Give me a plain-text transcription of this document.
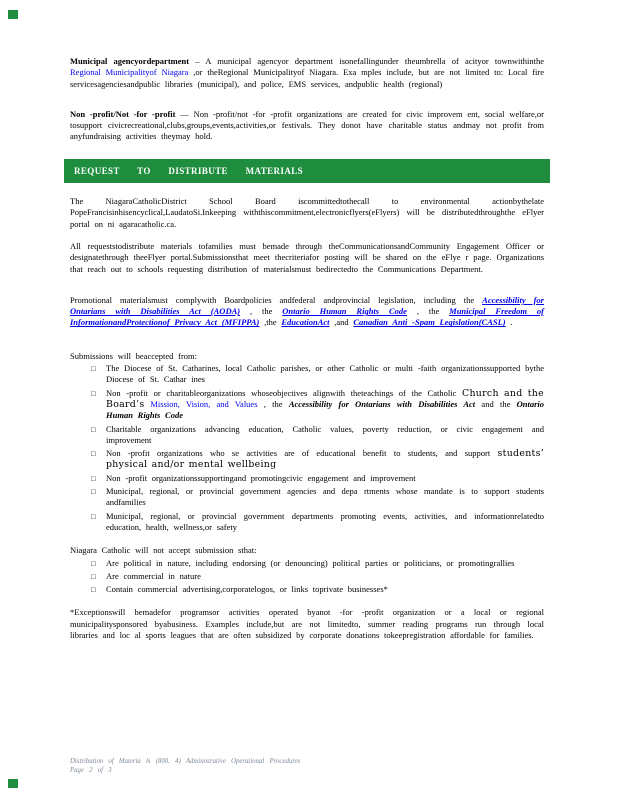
Municipal agencyordepartment – A municipal agencyor department isonefallingunder theumbrella of acityor townwithinthe Regional Municipalityof Niagara ,or theRegional Municipalityof Niagara. Exa mples include, but are not limited to: Local fire servicesagenciesandpublic libraries (municipal), and police, EMS services, andpublic health (regional)

Non -profit/Not -for -profit — Non -profit/not -for -profit organizations are created for civic improvem ent, social welfare,or tosupport civicrecreational,clubs,groups,events,activities,or festivals. They donot have charitable status andmay not profit from anyfundraising activities theymay hold.

REQUEST TO DISTRIBUTE MATERIALS

The NiagaraCatholicDistrict School Board iscommittedtothecall to environmental actionbythelate PopeFrancisinhisencyclical,LaudatoSi.Inkeeping withthiscommitment,electronicflyers(eFlyers) will be distributedthroughthe eFlyer portal on ni agaracatholic.ca.

All requeststodistribute materials tofamilies must bemade through theCommunicationsandCommunity Engagement Officer or designatethrough theeFlyer portal.Submissionsthat meet thecriteriafor posting will be shared on the eFlye r page. Organizations that reach out to schools requesting distribution of materialsmust bedirectedto the Communications Department.

Promotional materialsmust complywith Boardpolicies andfederal andprovincial legislation, including the Accessibility for Ontarians with Disabilities Act (AODA) , the Ontario Human Rights Code , the Municipal Freedom of InformationandProtectionof Privacy Act (MFIPPA) ,the EducationAct ,and Canadian Anti -Spam Legislation(CASL) .

Submissions will beaccepted from:

□	The Diocese of St. Catharines, local Catholic parishes, or other Catholic or multi -faith organizationssupported bythe Diocese of St. Cathar ines
□	Non -profit or charitableorganizations whoseobjectives alignwith theteachings of the Catholic Church and the Board’s Mission, Vision, and Values , the Accessibility for Ontarians with Disabilities Act and the Ontario Human Rights Code
□	Charitable organizations advancing education, Catholic values, poverty reduction, or civic engagement and improvement
□	Non -profit organizations who se activities are of educational benefit to students, and support students’ physical and/or mental wellbeing
□	Non -profit organizationssupportingand promotingcivic engagement and improvement
□	Municipal, regional, or provincial government agencies and depa rtments whose mandate is to support students andfamilies
□	Municipal, regional, or provincial government departments promoting events, activities, and informationrelatedto education, health, wellness,or safety

Niagara Catholic will not accept submission sthat:

□	Are political in nature, including endorsing (or denouncing) political parties or politicians, or promotingrallies
□	Are commercial in nature
□	Contain commercial advertising,corporatelogos, or links toprivate businesses*

*Exceptionswill bemadefor programsor activities operated byanot -for -profit organization or a local or regional municipalitysponsored byabusiness. Examples include,but are not limitedto, summer reading programs run through local libraries and loc al sports leagues that are often subsidized by corporate donations tokeepregistration affordable for families.

Distribution of Materia ls (800. 4) Administrative Operational Procedures
Page 2 of 3
